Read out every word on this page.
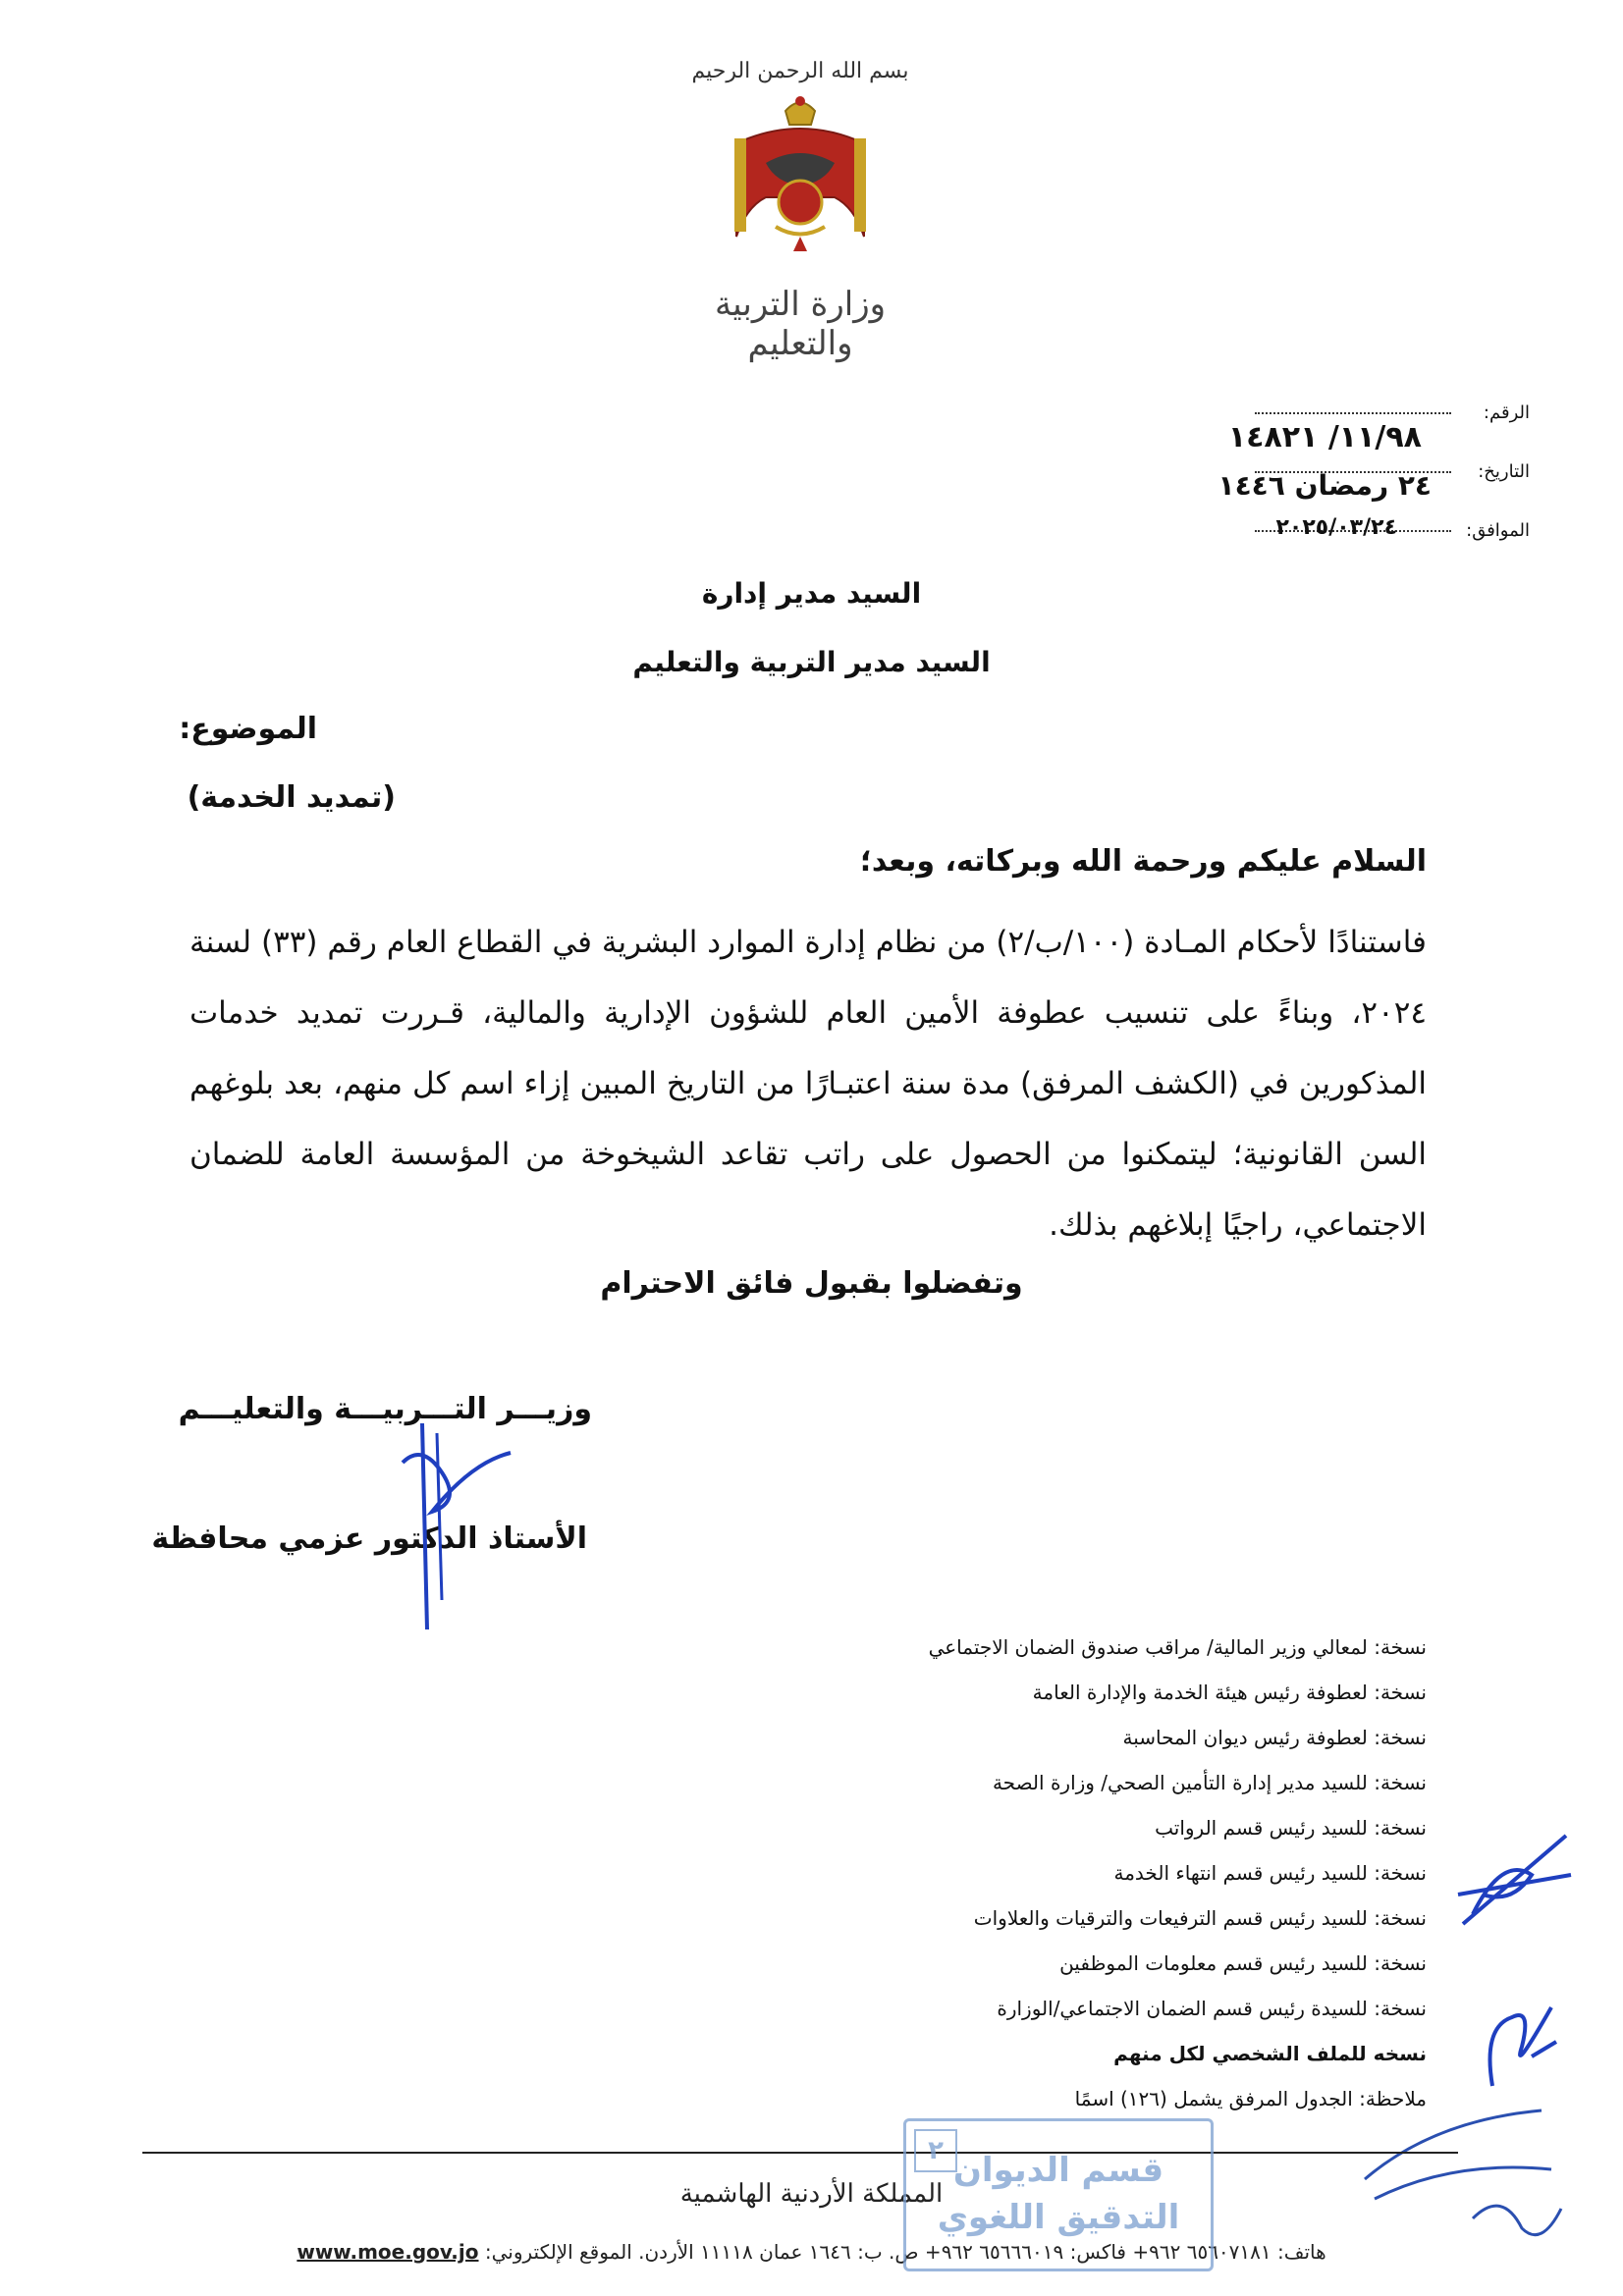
بسم الله الرحمن الرحيم
وزارة التربية والتعليم
الرقم:
التاريخ:
الموافق:
١١/٩٨/ ١٤٨٢١
٢٤ رمضان ١٤٤٦
٢٠٢٥/٠٣/٢٤
السيد مدير إدارة
السيد مدير التربية والتعليم
الموضوع:
(تمديد الخدمة)
السلام عليكم ورحمة الله وبركاته، وبعد؛
فاستنادًا لأحكام المـادة (١٠٠/ب/٢) من نظام إدارة الموارد البشرية في القطاع العام رقم (٣٣) لسنة ٢٠٢٤، وبناءً على تنسيب عطوفة الأمين العام للشؤون الإدارية والمالية، قـررت تمديد خدمات المذكورين في (الكشف المرفق) مدة سنة اعتبـارًا من التاريخ المبين إزاء اسم كل منهم، بعد بلوغهم السن القانونية؛ ليتمكنوا من الحصول على راتب تقاعد الشيخوخة من المؤسسة العامة للضمان الاجتماعي، راجيًا إبلاغهم بذلك.
وتفضلوا بقبول فائق الاحترام
وزيـــر التـــربيـــة والتعليـــم
الأستاذ الدكتور عزمي محافظة
نسخة: لمعالي وزير المالية/ مراقب صندوق الضمان الاجتماعي
نسخة: لعطوفة رئيس هيئة الخدمة والإدارة العامة
نسخة: لعطوفة رئيس ديوان المحاسبة
نسخة: للسيد مدير إدارة التأمين الصحي/ وزارة الصحة
نسخة: للسيد رئيس قسم الرواتب
نسخة: للسيد رئيس قسم انتهاء الخدمة
نسخة: للسيد رئيس قسم الترفيعات والترقيات والعلاوات
نسخة: للسيد رئيس قسم معلومات الموظفين
نسخة: للسيدة رئيس قسم الضمان الاجتماعي/الوزارة
نسخه للملف الشخصي لكل منهم
ملاحظة: الجدول المرفق يشمل (١٢٦) اسمًا
المملكة الأردنية الهاشمية
هاتف: ٦٥٦٠٧١٨١ ٩٦٢+ فاكس: ٦٥٦٦٦٠١٩ ٩٦٢+ ص. ب: ١٦٤٦ عمان ١١١١٨ الأردن. الموقع الإلكتروني: www.moe.gov.jo
٢ قسم الديوان
التدقيق اللغوي
